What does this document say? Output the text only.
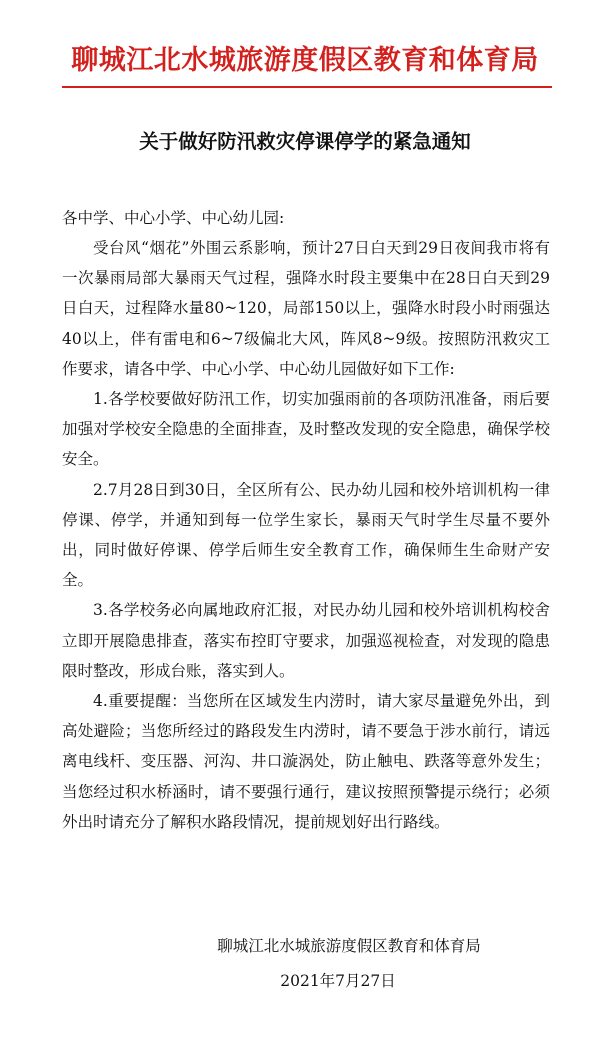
聊城江北水城旅游度假区教育和体育局
关于做好防汛救灾停课停学的紧急通知
各中学、中心小学、中心幼儿园:

受台风“烟花”外围云系影响，预计27日白天到29日夜间我市将有一次暴雨局部大暴雨天气过程，强降水时段主要集中在28日白天到29日白天，过程降水量80~120，局部150以上，强降水时段小时雨强达40以上，伴有雷电和6~7级偏北大风，阵风8~9级。按照防汛救灾工作要求，请各中学、中心小学、中心幼儿园做好如下工作:

1.各学校要做好防汛工作，切实加强雨前的各项防汛准备，雨后要加强对学校安全隐患的全面排查，及时整改发现的安全隐患，确保学校安全。

2.7月28日到30日，全区所有公、民办幼儿园和校外培训机构一律停课、停学，并通知到每一位学生家长，暴雨天气时学生尽量不要外出，同时做好停课、停学后师生安全教育工作，确保师生生命财产安全。

3.各学校务必向属地政府汇报，对民办幼儿园和校外培训机构校舍立即开展隐患排查，落实布控盯守要求，加强巡视检查，对发现的隐患限时整改，形成台账，落实到人。

4.重要提醒：当您所在区域发生内涝时，请大家尽量避免外出，到高处避险；当您所经过的路段发生内涝时，请不要急于涉水前行，请远离电线杆、变压器、河沟、井口漩涡处，防止触电、跌落等意外发生；当您经过积水桥涵时，请不要强行通行，建议按照预警提示绕行；必须外出时请充分了解积水路段情况，提前规划好出行路线。

聊城江北水城旅游度假区教育和体育局
2021年7月27日
